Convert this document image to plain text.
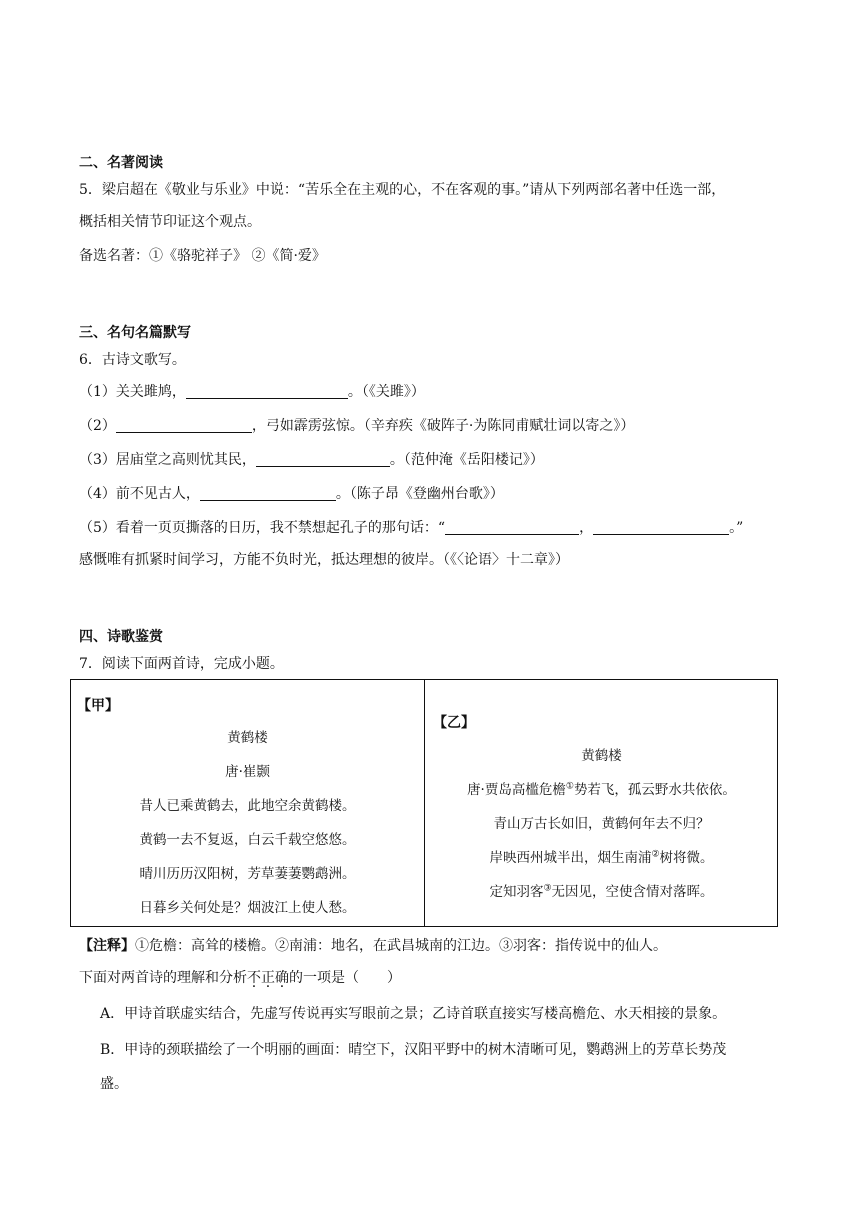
二、名著阅读
5．梁启超在《敬业与乐业》中说：“苦乐全在主观的心，不在客观的事。”请从下列两部名著中任选一部，
概括相关情节印证这个观点。
备选名著：①《骆驼祥子》 ②《简·爱》
三、名句名篇默写
6．古诗文歌写。
（1）关关雎鸠，	。（《关雎》）
（2）	，弓如霹雳弦惊。（辛弃疾《破阵子·为陈同甫赋壮词以寄之》）
（3）居庙堂之高则忧其民，	。（范仲淹《岳阳楼记》）
（4）前不见古人，	。（陈子昂《登幽州台歌》）
（5）看着一页页撕落的日历，我不禁想起孔子的那句话：“	，	。”
感慨唯有抓紧时间学习，方能不负时光，抵达理想的彼岸。（《〈论语〉十二章》）
四、诗歌鉴赏
7．阅读下面两首诗，完成小题。
【甲】
黄鹤楼
唐·崔颢
昔人已乘黄鹤去，此地空余黄鹤楼。
黄鹤一去不复返，白云千载空悠悠。
晴川历历汉阳树，芳草萋萋鹦鹉洲。
日暮乡关何处是？烟波江上使人愁。
【乙】
黄鹤楼
唐·贾岛高槛危檐①势若飞，孤云野水共依依。
青山万古长如旧，黄鹤何年去不归？
岸映西州城半出，烟生南浦②树将微。
定知羽客③无因见，空使含情对落晖。
【注释】①危檐：高耸的楼檐。②南浦：地名，在武昌城南的江边。③羽客：指传说中的仙人。
下面对两首诗的理解和分析不正确的一项是（　　）
A．甲诗首联虚实结合，先虚写传说再实写眼前之景；乙诗首联直接实写楼高檐危、水天相接的景象。
B．甲诗的颈联描绘了一个明丽的画面：晴空下，汉阳平野中的树木清晰可见，鹦鹉洲上的芳草长势茂
盛。
